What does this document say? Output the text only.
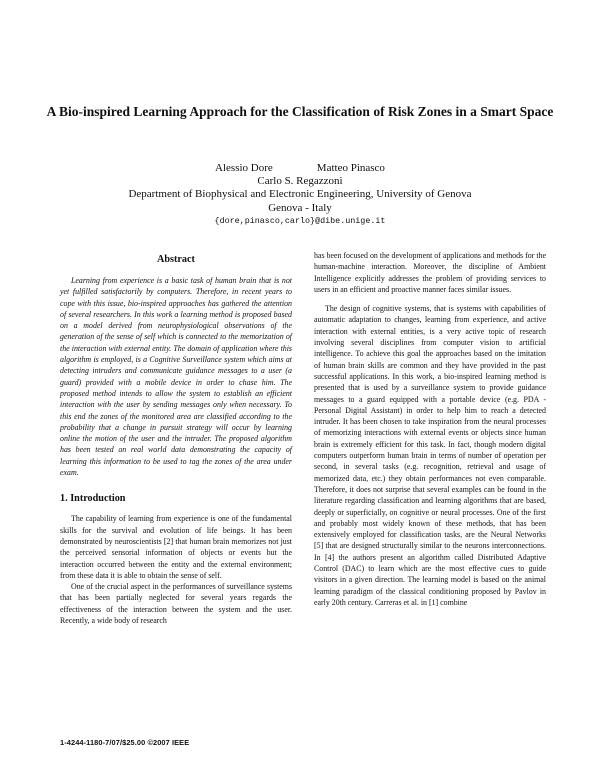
A Bio-inspired Learning Approach for the Classification of Risk Zones in a Smart Space
Alessio Dore	Matteo Pinasco
Carlo S. Regazzoni
Department of Biophysical and Electronic Engineering, University of Genova
Genova - Italy
{dore,pinasco,carlo}@dibe.unige.it
Abstract

Learning from experience is a basic task of human brain that is not yet fulfilled satisfactorily by computers. Therefore, in recent years to cope with this issue, bio-inspired approaches has gathered the attention of several researchers. In this work a learning method is proposed based on a model derived from neurophysiological observations of the generation of the sense of self which is connected to the memorization of the interaction with external entity. The domain of application where this algorithm is employed, is a Cognitive Surveillance system which aims at detecting intruders and communicate guidance messages to a user (a guard) provided with a mobile device in order to chase him. The proposed method intends to allow the system to establish an efficient interaction with the user by sending messages only when necessary. To this end the zones of the monitored area are classified according to the probability that a change in pursuit strategy will occur by learning online the motion of the user and the intruder. The proposed algorithm has been tested on real world data demonstrating the capacity of learning this information to be used to tag the zones of the area under exam.

1. Introduction

The capability of learning from experience is one of the fundamental skills for the survival and evolution of life beings. It has been demonstrated by neuroscientists [2] that human brain memorizes not just the perceived sensorial information of objects or events but the interaction occurred between the entity and the external environment; from these data it is able to obtain the sense of self.

One of the crucial aspect in the performances of surveillance systems that has been partially neglected for several years regards the effectiveness of the interaction between the system and the user. Recently, a wide body of research

has been focused on the development of applications and methods for the human-machine interaction. Moreover, the discipline of Ambient Intelligence explicitly addresses the problem of providing services to users in an efficient and proactive manner faces similar issues.

The design of cognitive systems, that is systems with capabilities of automatic adaptation to changes, learning from experience, and active interaction with external entities, is a very active topic of research involving several disciplines from computer vision to artificial intelligence. To achieve this goal the approaches based on the imitation of human brain skills are common and they have provided in the past successful applications. In this work, a bio-inspired learning method is presented that is used by a surveillance system to provide guidance messages to a guard equipped with a portable device (e.g. PDA - Personal Digital Assistant) in order to help him to reach a detected intruder. It has been chosen to take inspiration from the neural processes of memorizing interactions with external events or objects since human brain is extremely efficient for this task. In fact, though modern digital computers outperform human brain in terms of number of operation per second, in several tasks (e.g. recognition, retrieval and usage of memorized data, etc.) they obtain performances not even comparable. Therefore, it does not surprise that several examples can be found in the literature regarding classification and learning algorithms that are based, deeply or superficially, on cognitive or neural processes. One of the first and probably most widely known of these methods, that has been extensively employed for classification tasks, are the Neural Networks [5] that are designed structurally similar to the neurons interconnections. In [4] the authors present an algorithm called Distributed Adaptive Control (DAC) to learn which are the most effective cues to guide visitors in a given direction. The learning model is based on the animal learning paradigm of the classical conditioning proposed by Pavlov in early 20th century. Carreras et al. in [1] combine

1-4244-1180-7/07/$25.00 ©2007 IEEE
